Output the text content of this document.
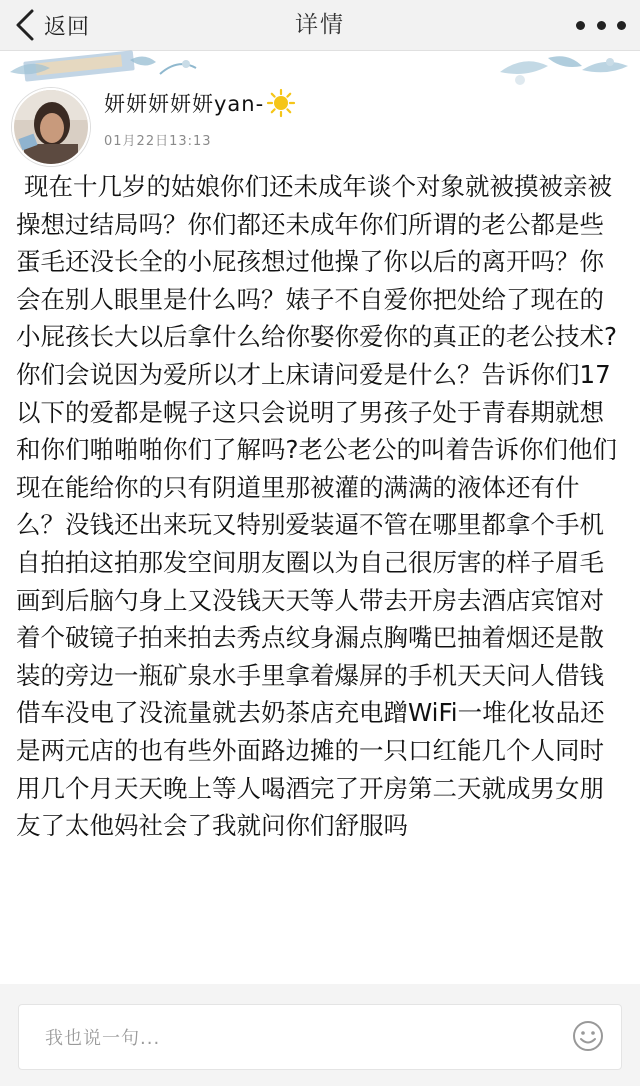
返回	详情
妍妍妍妍妍yan-
01月22日13:13

现在十几岁的姑娘你们还未成年谈个对象就被摸被亲被操想过结局吗？你们都还未成年你们所谓的老公都是些蛋毛还没长全的小屁孩想过他操了你以后的离开吗？你会在别人眼里是什么吗？婊子不自爱你把处给了现在的小屁孩长大以后拿什么给你娶你爱你的真正的老公技术?你们会说因为爱所以才上床请问爱是什么？告诉你们17以下的爱都是幌子这只会说明了男孩子处于青春期就想和你们啪啪啪你们了解吗?老公老公的叫着告诉你们他们现在能给你的只有阴道里那被灌的满满的液体还有什么？没钱还出来玩又特别爱装逼不管在哪里都拿个手机自拍拍这拍那发空间朋友圈以为自己很厉害的样子眉毛画到后脑勺身上又没钱天天等人带去开房去酒店宾馆对着个破镜子拍来拍去秀点纹身漏点胸嘴巴抽着烟还是散装的旁边一瓶矿泉水手里拿着爆屏的手机天天问人借钱借车没电了没流量就去奶茶店充电蹭WiFi一堆化妆品还是两元店的也有些外面路边摊的一只口红能几个人同时用几个月天天晚上等人喝酒完了开房第二天就成男女朋友了太他妈社会了我就问你们舒服吗

我也说一句...
